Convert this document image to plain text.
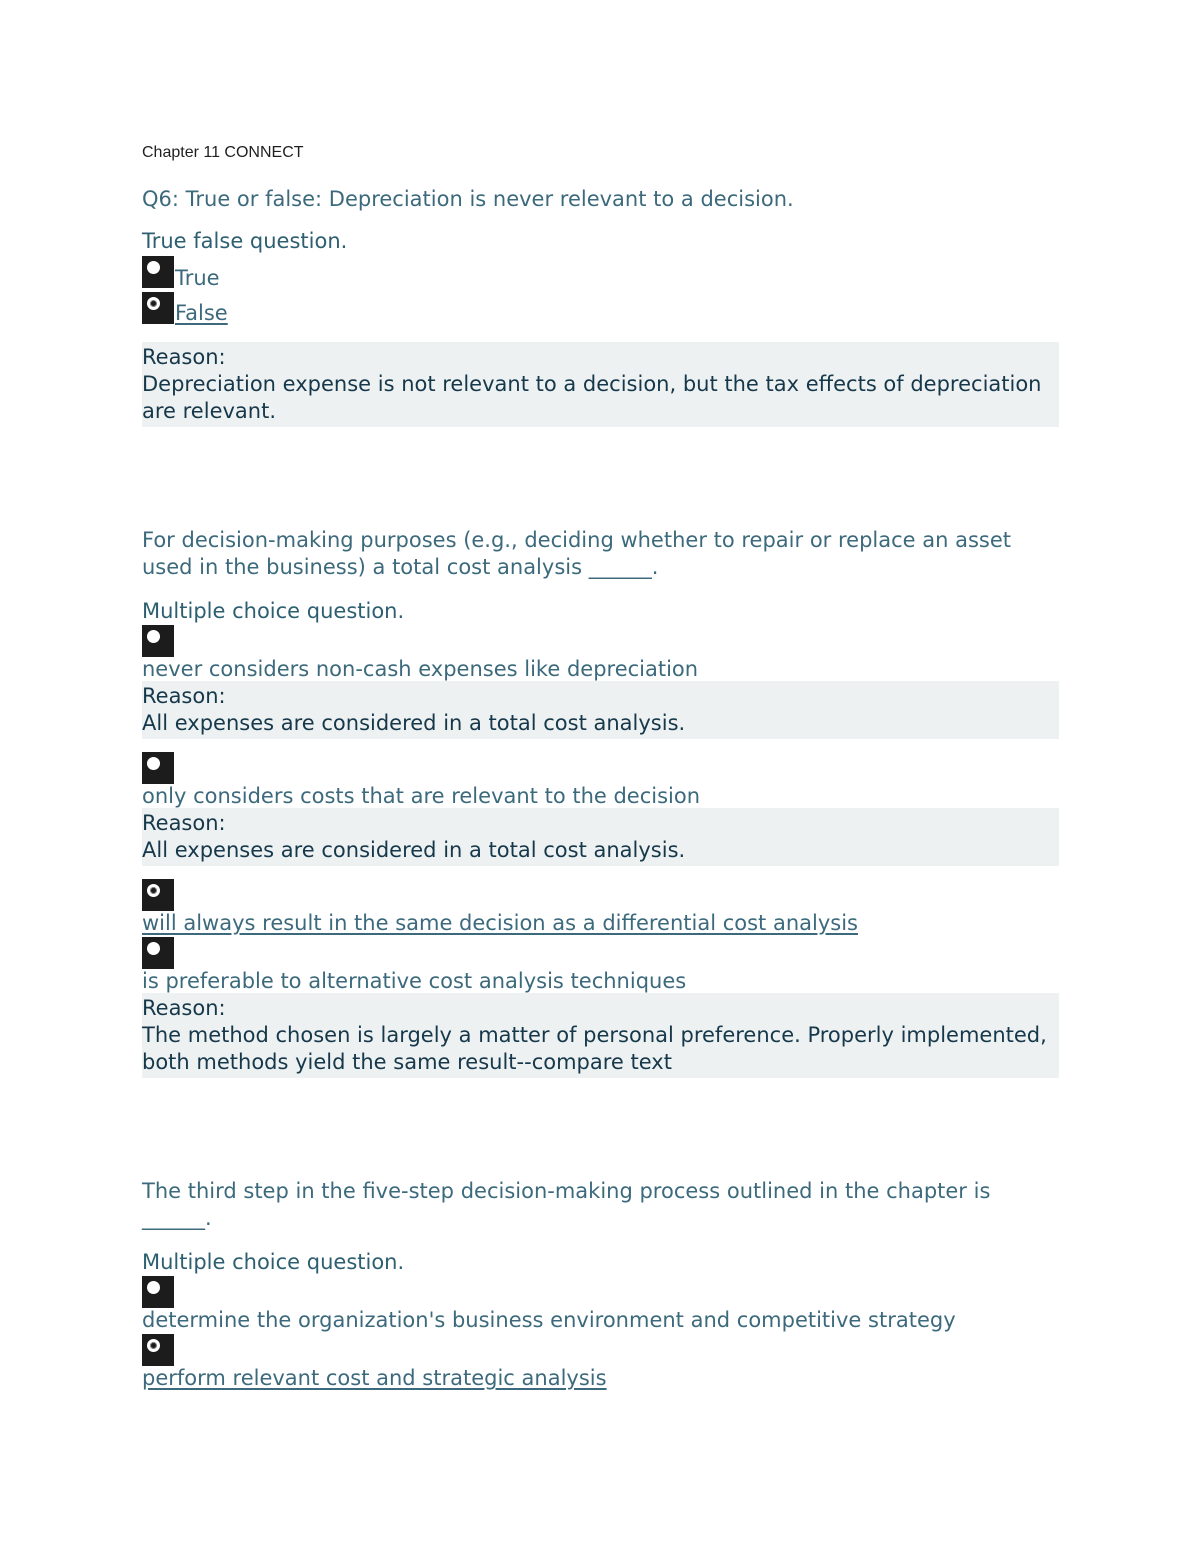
Chapter 11 CONNECT
Q6: True or false: Depreciation is never relevant to a decision.
True false question.
True
False
Reason:
Depreciation expense is not relevant to a decision, but the tax effects of depreciation are relevant.
For decision-making purposes (e.g., deciding whether to repair or replace an asset used in the business) a total cost analysis ______.
Multiple choice question.
never considers non-cash expenses like depreciation
Reason:
All expenses are considered in a total cost analysis.
only considers costs that are relevant to the decision
Reason:
All expenses are considered in a total cost analysis.
will always result in the same decision as a differential cost analysis
is preferable to alternative cost analysis techniques
Reason:
The method chosen is largely a matter of personal preference. Properly implemented, both methods yield the same result--compare text
The third step in the five-step decision-making process outlined in the chapter is ______.
Multiple choice question.
determine the organization's business environment and competitive strategy
perform relevant cost and strategic analysis
